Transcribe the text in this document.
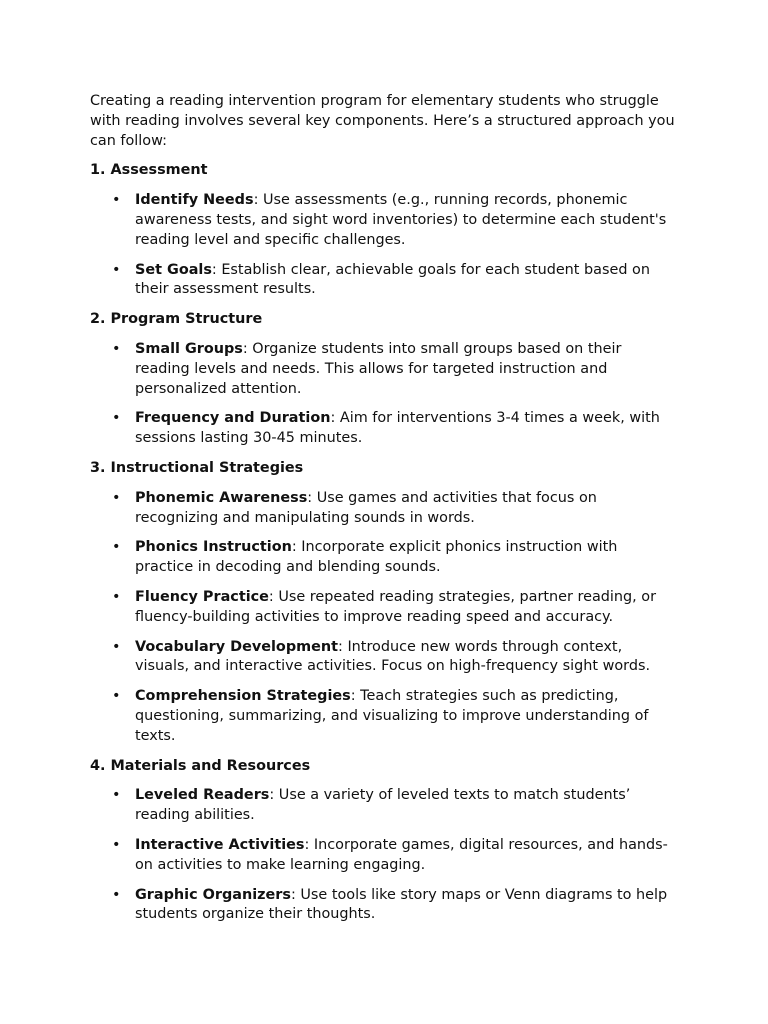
Creating a reading intervention program for elementary students who struggle with reading involves several key components. Here’s a structured approach you can follow:

1. Assessment
• Identify Needs: Use assessments (e.g., running records, phonemic awareness tests, and sight word inventories) to determine each student's reading level and specific challenges.
• Set Goals: Establish clear, achievable goals for each student based on their assessment results.
2. Program Structure
• Small Groups: Organize students into small groups based on their reading levels and needs. This allows for targeted instruction and personalized attention.
• Frequency and Duration: Aim for interventions 3-4 times a week, with sessions lasting 30-45 minutes.
3. Instructional Strategies
• Phonemic Awareness: Use games and activities that focus on recognizing and manipulating sounds in words.
• Phonics Instruction: Incorporate explicit phonics instruction with practice in decoding and blending sounds.
• Fluency Practice: Use repeated reading strategies, partner reading, or fluency-building activities to improve reading speed and accuracy.
• Vocabulary Development: Introduce new words through context, visuals, and interactive activities. Focus on high-frequency sight words.
• Comprehension Strategies: Teach strategies such as predicting, questioning, summarizing, and visualizing to improve understanding of texts.
4. Materials and Resources
• Leveled Readers: Use a variety of leveled texts to match students’ reading abilities.
• Interactive Activities: Incorporate games, digital resources, and hands-on activities to make learning engaging.
• Graphic Organizers: Use tools like story maps or Venn diagrams to help students organize their thoughts.
